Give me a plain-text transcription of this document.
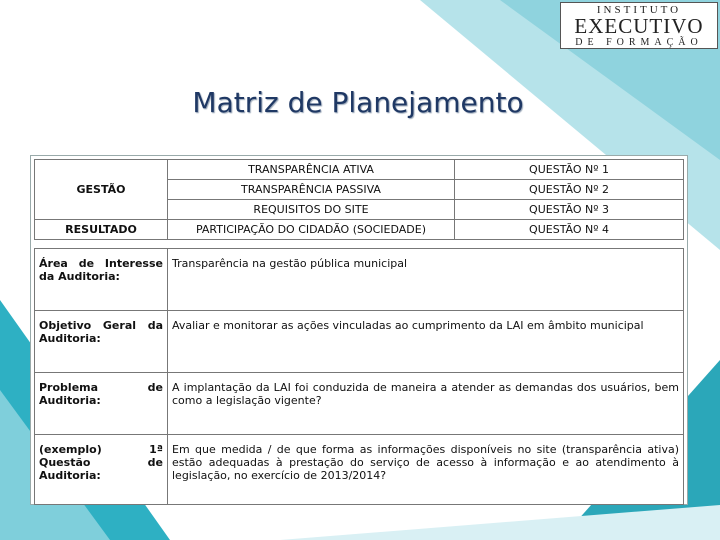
INSTITUTO
EXECUTIVO
DE FORMAÇÃO
Matriz de Planejamento
GESTÃO	TRANSPARÊNCIA ATIVA	QUESTÃO Nº 1
	TRANSPARÊNCIA PASSIVA	QUESTÃO Nº 2
	REQUISITOS DO SITE	QUESTÃO Nº 3
RESULTADO	PARTICIPAÇÃO DO CIDADÃO (SOCIEDADE)	QUESTÃO Nº 4
Área de Interesse da Auditoria:	Transparência na gestão pública municipal
Objetivo Geral da Auditoria:	Avaliar e monitorar as ações vinculadas ao cumprimento da LAI em âmbito municipal
Problema de Auditoria:	A implantação da LAI foi conduzida de maneira a atender as demandas dos usuários, bem como a legislação vigente?
(exemplo) 1ª Questão de Auditoria:	Em que medida / de que forma as informações disponíveis no site (transparência ativa) estão adequadas à prestação do serviço de acesso à informação e ao atendimento à legislação, no exercício de 2013/2014?
